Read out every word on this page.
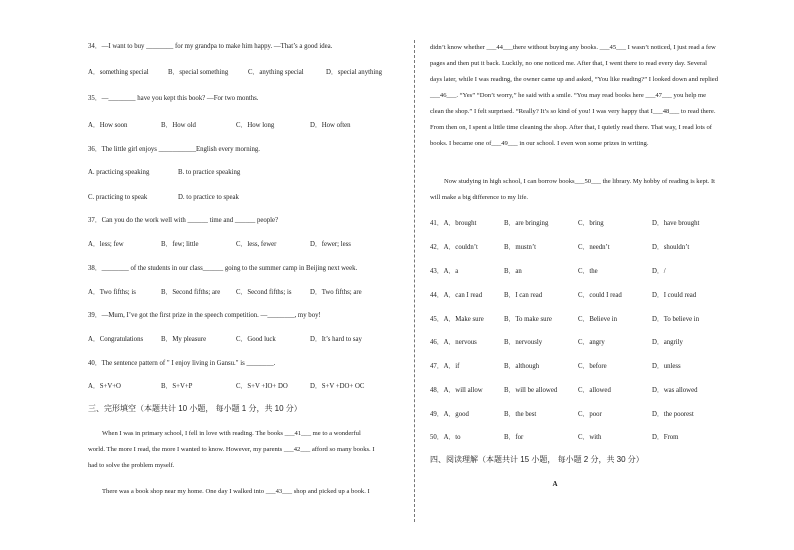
34．—I want to buy ________ for my grandpa to make him happy. —That’s a good idea.
A．something special	B．special something	C．anything special	D．special anything
35．—________ have you kept this book? —For two months.
A．How soon	B．How old	C．How long	D．How often
36．The little girl enjoys ___________English every morning.
A. practicing speaking	B. to practice speaking
C. practicing to speak	D. to practice to speak
37．Can you do the work well with ______ time and ______ people?
A．less; few	B．few; little	C．less, fewer	D．fewer; less
38．________ of the students in our class______ going to the summer camp in Beijing next week.
A．Two fifths; is	B．Second fifths; are C．Second fifths; is	D．Two fifths; are
39．—Mum, I’ve got the first prize in the speech competition. —________, my boy!
A．Congratulations	B．My pleasure	C．Good luck	D．It’s hard to say
40．The sentence pattern of " I enjoy living in Gansu." is ________.
A．S+V+O	B．S+V+P	C．S+V +IO+ DO	D．S+V +DO+ OC
三、完形填空（本题共计 10 小题， 每小题 1 分，共 10 分）
When I was in primary school, I fell in love with reading. The books ___41___ me to a wonderful
world. The more I read, the more I wanted to know. However, my parents ___42___ afford so many books. I
had to solve the problem myself.
There was a book shop near my home. One day I walked into ___43___ shop and picked up a book. I
didn’t know whether ___44___there without buying any books. ___45___ I wasn’t noticed, I just read a few
pages and then put it back. Luckily, no one noticed me. After that, I went there to read every day. Several
days later, while I was reading, the owner came up and asked, “You like reading?” I looked down and replied
___46___. “Yes” “Don’t worry,” he said with a smile. “You may read books here ___47___ you help me
clean the shop.” I felt surprised. “Really? It’s so kind of you! I was very happy that I___48___ to read there.
From then on, I spent a little time cleaning the shop. After that, I quietly read there. That way, I read lots of
books. I became one of___49___ in our school. I even won some prizes in writing.
Now studying in high school, I can borrow books___50___ the library. My hobby of reading is kept. It
will make a big difference to my life.
41．A．brought	B．are bringing	C．bring	D．have brought
42．A．couldn’t	B．mustn’t	C．needn’t	D．shouldn’t
43．A．a	B．an	C．the	D．/
44．A．can I read	B．I can read	C．could I read	D．I could read
45．A．Make sure	B．To make sure	C．Believe in	D．To believe in
46．A．nervous	B．nervously	C．angry	D．angrily
47．A．if	B．although	C．before	D．unless
48．A．will allow	B．will be allowed	C．allowed	D．was allowed
49．A．good	B．the best	C．poor	D．the poorest
50．A．to	B．for	C．with	D．From
四、阅读理解（本题共计 15 小题， 每小题 2 分，共 30 分）
A
